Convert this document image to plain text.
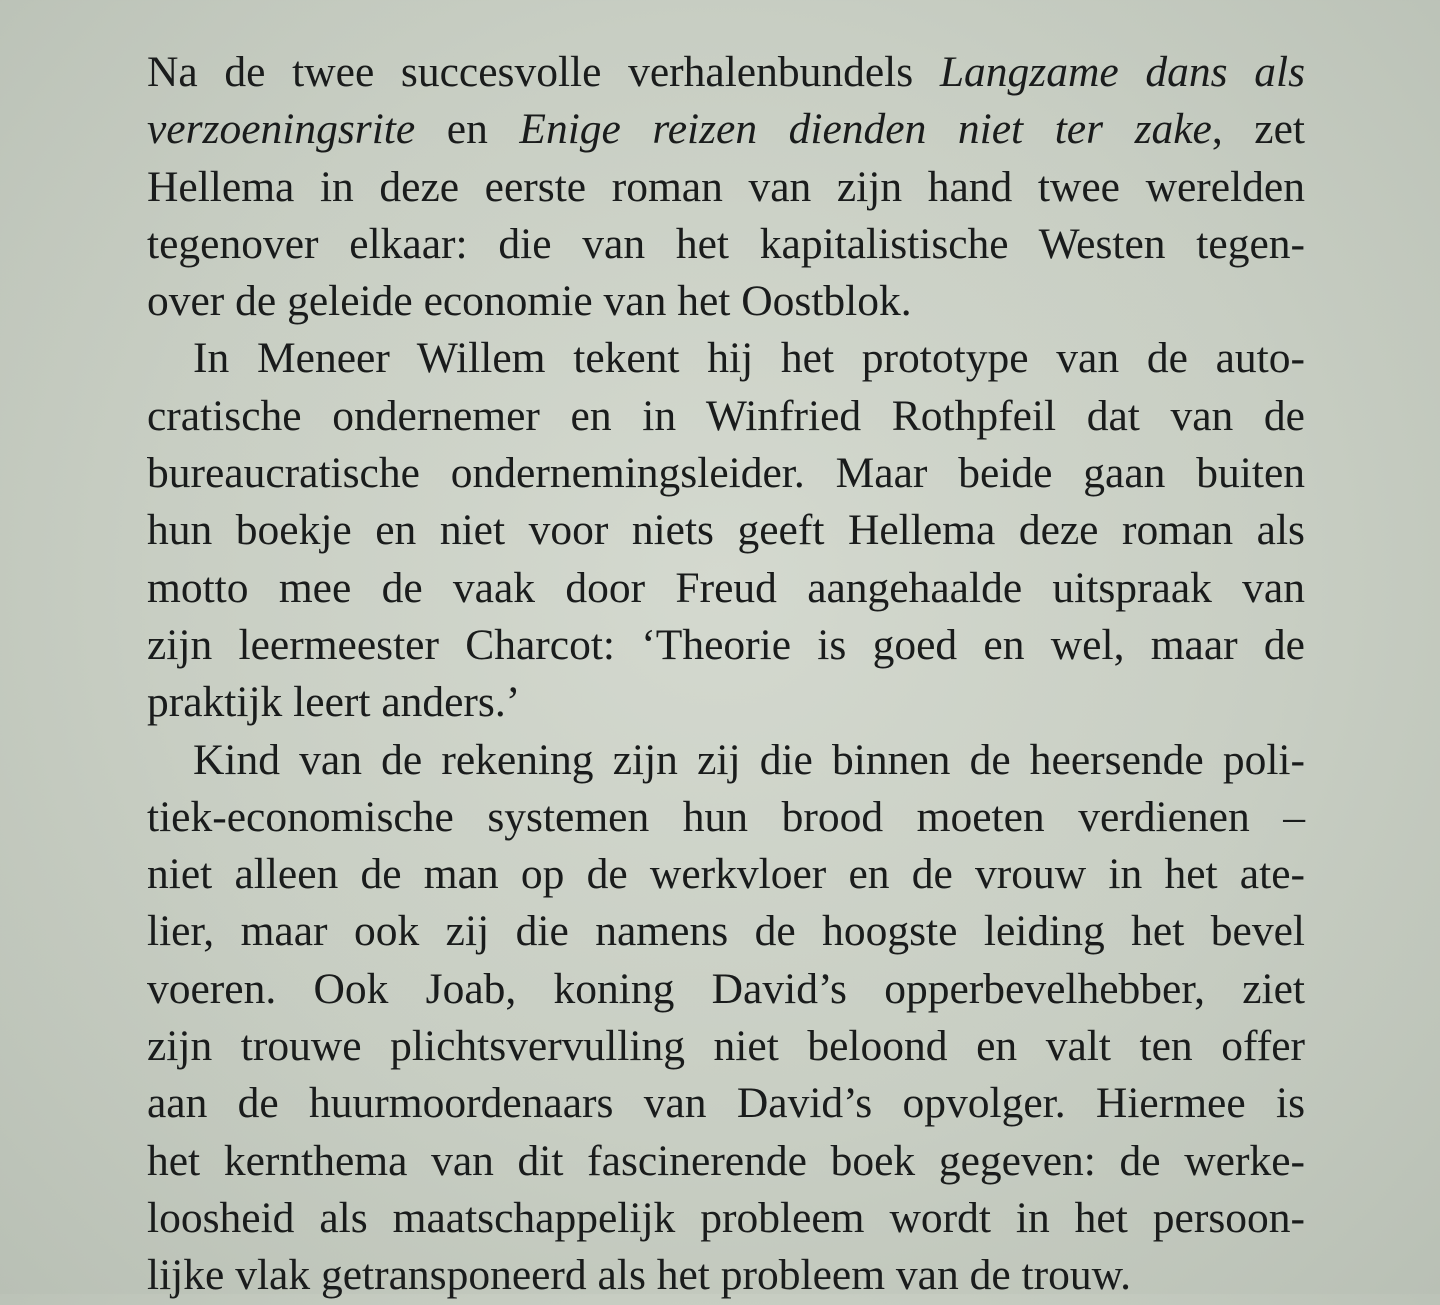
Na de twee succesvolle verhalenbundels Langzame dans als
verzoeningsrite en Enige reizen dienden niet ter zake, zet
Hellema in deze eerste roman van zijn hand twee werelden
tegenover elkaar: die van het kapitalistische Westen tegen-
over de geleide economie van het Oostblok.
In Meneer Willem tekent hij het prototype van de auto-
cratische ondernemer en in Winfried Rothpfeil dat van de
bureaucratische ondernemingsleider. Maar beide gaan buiten
hun boekje en niet voor niets geeft Hellema deze roman als
motto mee de vaak door Freud aangehaalde uitspraak van
zijn leermeester Charcot: ‘Theorie is goed en wel, maar de
praktijk leert anders.’
Kind van de rekening zijn zij die binnen de heersende poli-
tiek-economische systemen hun brood moeten verdienen –
niet alleen de man op de werkvloer en de vrouw in het ate-
lier, maar ook zij die namens de hoogste leiding het bevel
voeren. Ook Joab, koning David’s opperbevelhebber, ziet
zijn trouwe plichtsvervulling niet beloond en valt ten offer
aan de huurmoordenaars van David’s opvolger. Hiermee is
het kernthema van dit fascinerende boek gegeven: de werke-
loosheid als maatschappelijk probleem wordt in het persoon-
lijke vlak getransponeerd als het probleem van de trouw.
